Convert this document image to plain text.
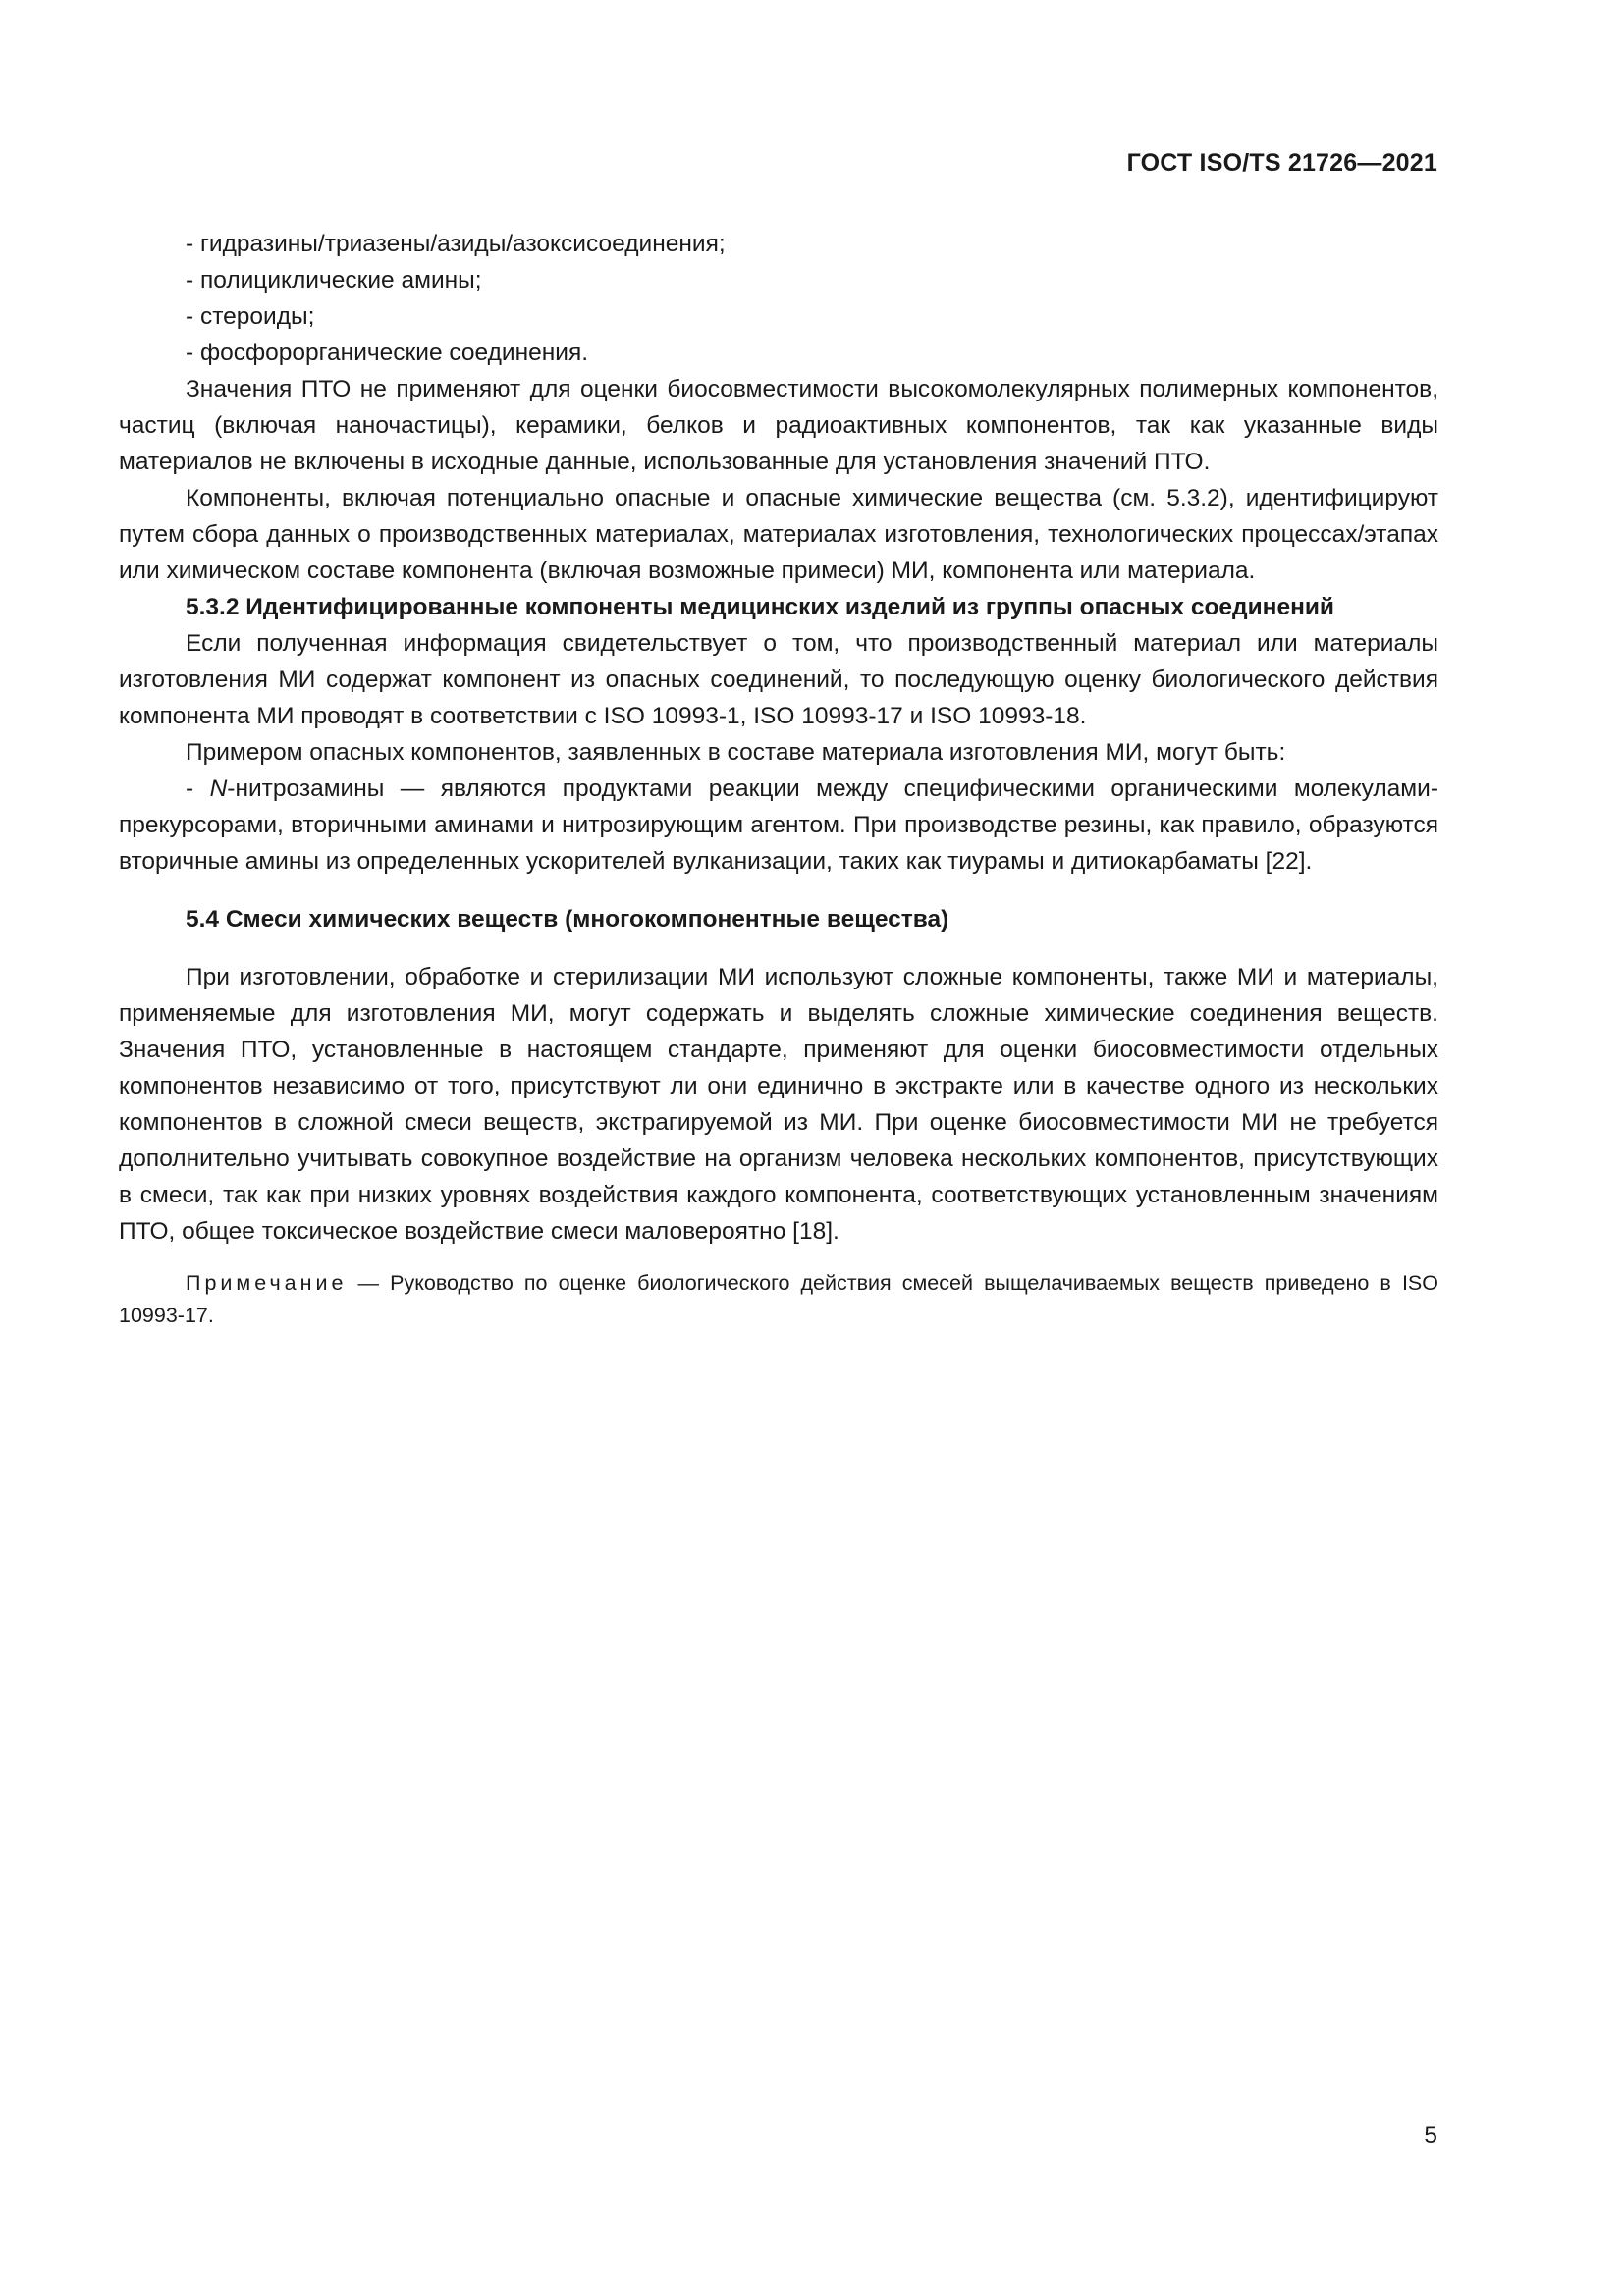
ГОСТ ISO/TS 21726—2021

- гидразины/триазены/азиды/азоксисоединения;

- полициклические амины;

- стероиды;

- фосфорорганические соединения.

Значения ПТО не применяют для оценки биосовместимости высокомолекулярных полимерных компонентов, частиц (включая наночастицы), керамики, белков и радиоактивных компонентов, так как указанные виды материалов не включены в исходные данные, использованные для установления значений ПТО.

Компоненты, включая потенциально опасные и опасные химические вещества (см. 5.3.2), идентифицируют путем сбора данных о производственных материалах, материалах изготовления, технологических процессах/этапах или химическом составе компонента (включая возможные примеси) МИ, компонента или материала.

5.3.2 Идентифицированные компоненты медицинских изделий из группы опасных соединений

Если полученная информация свидетельствует о том, что производственный материал или материалы изготовления МИ содержат компонент из опасных соединений, то последующую оценку биологического действия компонента МИ проводят в соответствии с ISO 10993-1, ISO 10993-17 и ISO 10993-18.

Примером опасных компонентов, заявленных в составе материала изготовления МИ, могут быть:

- N-нитрозамины — являются продуктами реакции между специфическими органическими молекулами-прекурсорами, вторичными аминами и нитрозирующим агентом. При производстве резины, как правило, образуются вторичные амины из определенных ускорителей вулканизации, таких как тиурамы и дитиокарбаматы [22].

5.4 Смеси химических веществ (многокомпонентные вещества)

При изготовлении, обработке и стерилизации МИ используют сложные компоненты, также МИ и материалы, применяемые для изготовления МИ, могут содержать и выделять сложные химические соединения веществ. Значения ПТО, установленные в настоящем стандарте, применяют для оценки биосовместимости отдельных компонентов независимо от того, присутствуют ли они единично в экстракте или в качестве одного из нескольких компонентов в сложной смеси веществ, экстрагируемой из МИ. При оценке биосовместимости МИ не требуется дополнительно учитывать совокупное воздействие на организм человека нескольких компонентов, присутствующих в смеси, так как при низких уровнях воздействия каждого компонента, соответствующих установленным значениям ПТО, общее токсическое воздействие смеси маловероятно [18].

Примечание — Руководство по оценке биологического действия смесей выщелачиваемых веществ приведено в ISO 10993-17.

5
